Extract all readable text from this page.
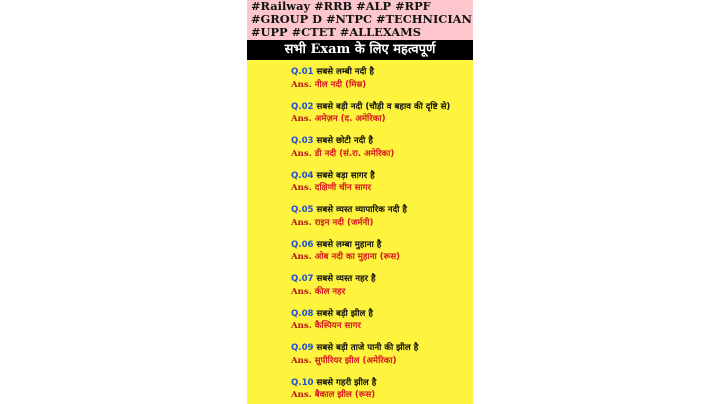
#Railway #RRB #ALP #RPF
#GROUP D #NTPC #TECHNICIAN
#UPP #CTET #ALLEXAMS
सभी Exam के लिए महत्वपूर्ण
Q.01 सबसे लम्बी नदी है
Ans. नील नदी (मिस्र)
Q.02 सबसे बड़ी नदी (चौड़ी व बहाव की दृष्टि से)
Ans. अमेज़न (द. अमेरिका)
Q.03 सबसे छोटी नदी है
Ans. डी नदी (सं.रा. अमेरिका)
Q.04 सबसे बड़ा सागर है
Ans. दक्षिणी चीन सागर
Q.05 सबसे व्यस्त व्यापारिक नदी है
Ans. राइन नदी (जर्मनी)
Q.06 सबसे लम्बा मुहाना है
Ans. ओब नदी का मुहाना (रूस)
Q.07 सबसे व्यस्त नहर है
Ans. कील नहर
Q.08 सबसे बड़ी झील है
Ans. कैस्पियन सागर
Q.09 सबसे बड़ी ताजे पानी की झील है
Ans. सुपीरियर झील (अमेरिका)
Q.10 सबसे गहरी झील है
Ans. बैकाल झील (रूस)
